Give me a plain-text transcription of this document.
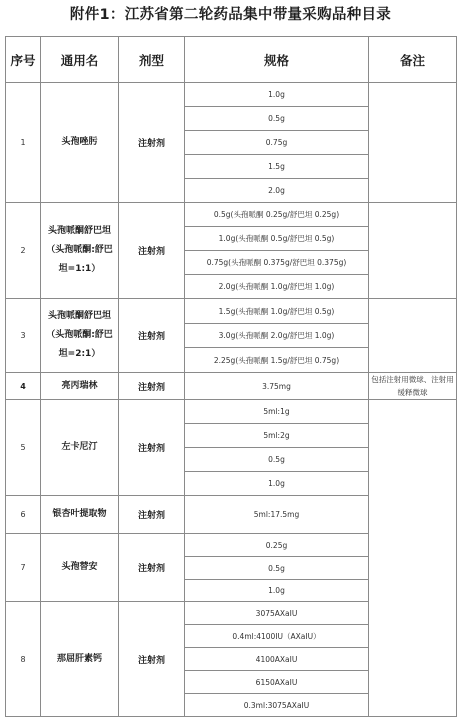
附件1：江苏省第二轮药品集中带量采购品种目录
序号	通用名	剂型	规格	备注
1	头孢唑肟	注射剂	1.0g
0.5g
0.75g
1.5g
2.0g	

2	头孢哌酮舒巴坦（头孢哌酮:舒巴坦=1:1）	注射剂	0.5g(头孢哌酮 0.25g/舒巴坦 0.25g)
1.0g(头孢哌酮 0.5g/舒巴坦 0.5g)
0.75g(头孢哌酮 0.375g/舒巴坦 0.375g)
2.0g(头孢哌酮 1.0g/舒巴坦 1.0g)	

3	头孢哌酮舒巴坦（头孢哌酮:舒巴坦=2:1）	注射剂	1.5g(头孢哌酮 1.0g/舒巴坦 0.5g)
3.0g(头孢哌酮 2.0g/舒巴坦 1.0g)
2.25g(头孢哌酮 1.5g/舒巴坦 0.75g)	

4	亮丙瑞林	注射剂	3.75mg	包括注射用微球、注射用缓释微球
5	左卡尼汀	注射剂	5ml:1g
5ml:2g
0.5g
1.0g	

6	银杏叶提取物	注射剂	5ml:17.5mg	

7	头孢替安	注射剂	0.25g
0.5g
1.0g	

8	那屈肝素钙	注射剂	3075AXaIU
0.4ml:4100IU（AXaIU）
4100AXaIU
6150AXaIU
0.3ml:3075AXaIU	
